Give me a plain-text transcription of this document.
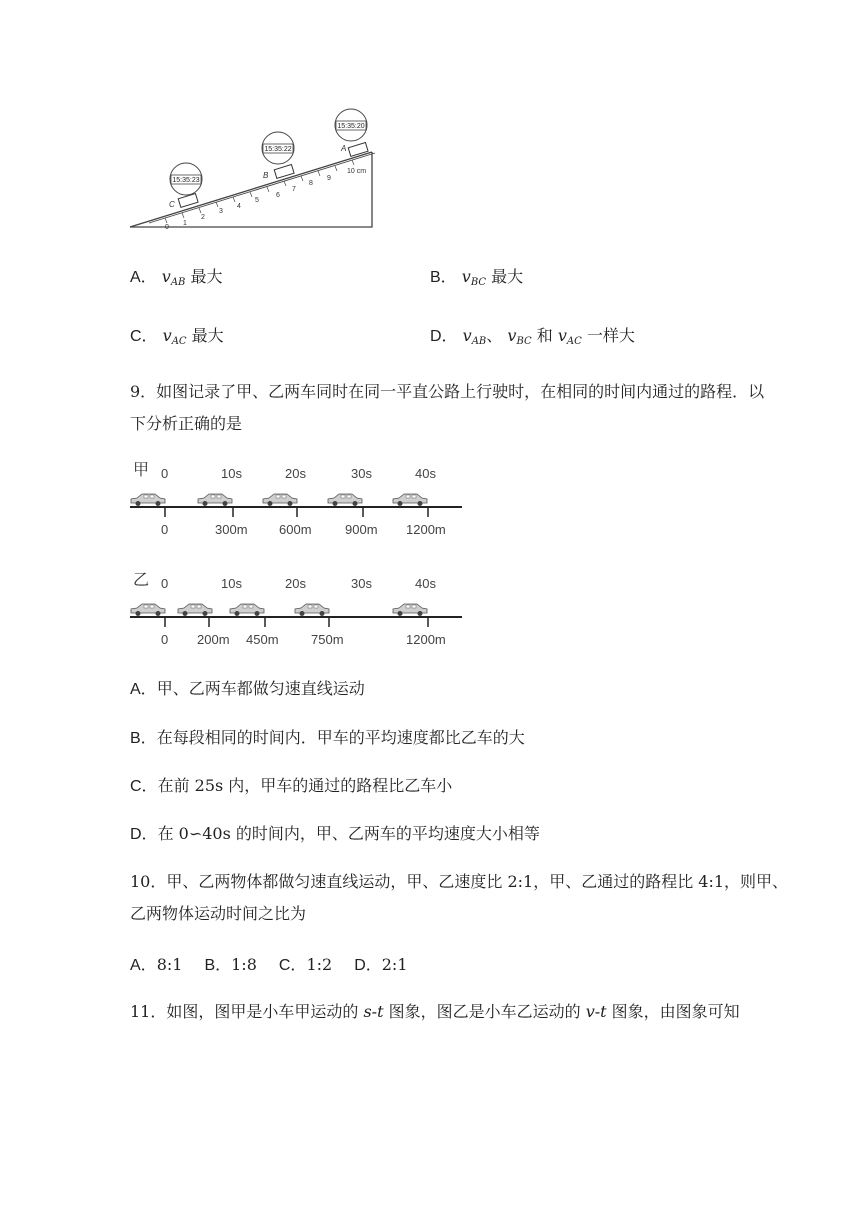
0
1
2
3
4
5
6
7
8
9
10 cm
C
15:35:23
B
15:35:22	A
15:35:20
A． $v_{AB}$ 最大	B． $v_{BC}$ 最大
C． $v_{AC}$ 最大	D． $v_{AB}$、 $v_{BC}$ 和 $v_{AC}$ 一样大
9．如图记录了甲、乙两车同时在同一平直公路上行驶时，在相同的时间内通过的路程．以
下分析正确的是
甲 0	10s	20s	30s	40s
0	300m 600m	900m 1200m
乙 0	10s	20s	30s	40s
0 200m 450m 750m	1200m
A．甲、乙两车都做匀速直线运动
B．在每段相同的时间内．甲车的平均速度都比乙车的大
C．在前 25s 内，甲车的通过的路程比乙车小
D．在 0∽40s 的时间内，甲、乙两车的平均速度大小相等
10．甲、乙两物体都做匀速直线运动，甲、乙速度比 2:1，甲、乙通过的路程比 4:1，则甲、
乙两物体运动时间之比为
A．8:1 B．1:8 C．1:2 D．2:1
11．如图，图甲是小车甲运动的 s-t 图象，图乙是小车乙运动的 v-t 图象，由图象可知
